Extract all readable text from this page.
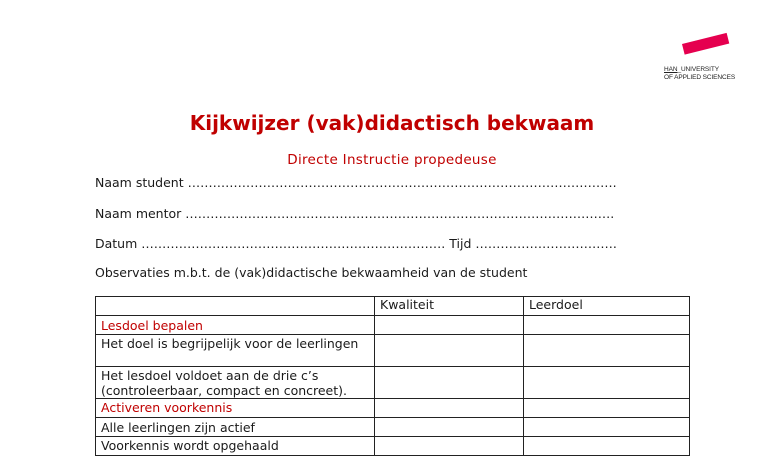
HAN_UNIVERSITY
OF APPLIED SCIENCES
Kijkwijzer (vak)didactisch bekwaam
Directe Instructie propedeuse
Naam student ………………………………………………………………………………………….
Naam mentor ………………………………………………………………………………………….
Datum ………………………………………………………………. Tijd …………………………….
Observaties m.b.t. de (vak)didactische bekwaamheid van de student
	Kwaliteit	Leerdoel
Lesdoel bepalen		
Het doel is begrijpelijk voor de leerlingen		
Het lesdoel voldoet aan de drie c’s (controleerbaar, compact en concreet).		
Activeren voorkennis		
Alle leerlingen zijn actief		
Voorkennis wordt opgehaald		
